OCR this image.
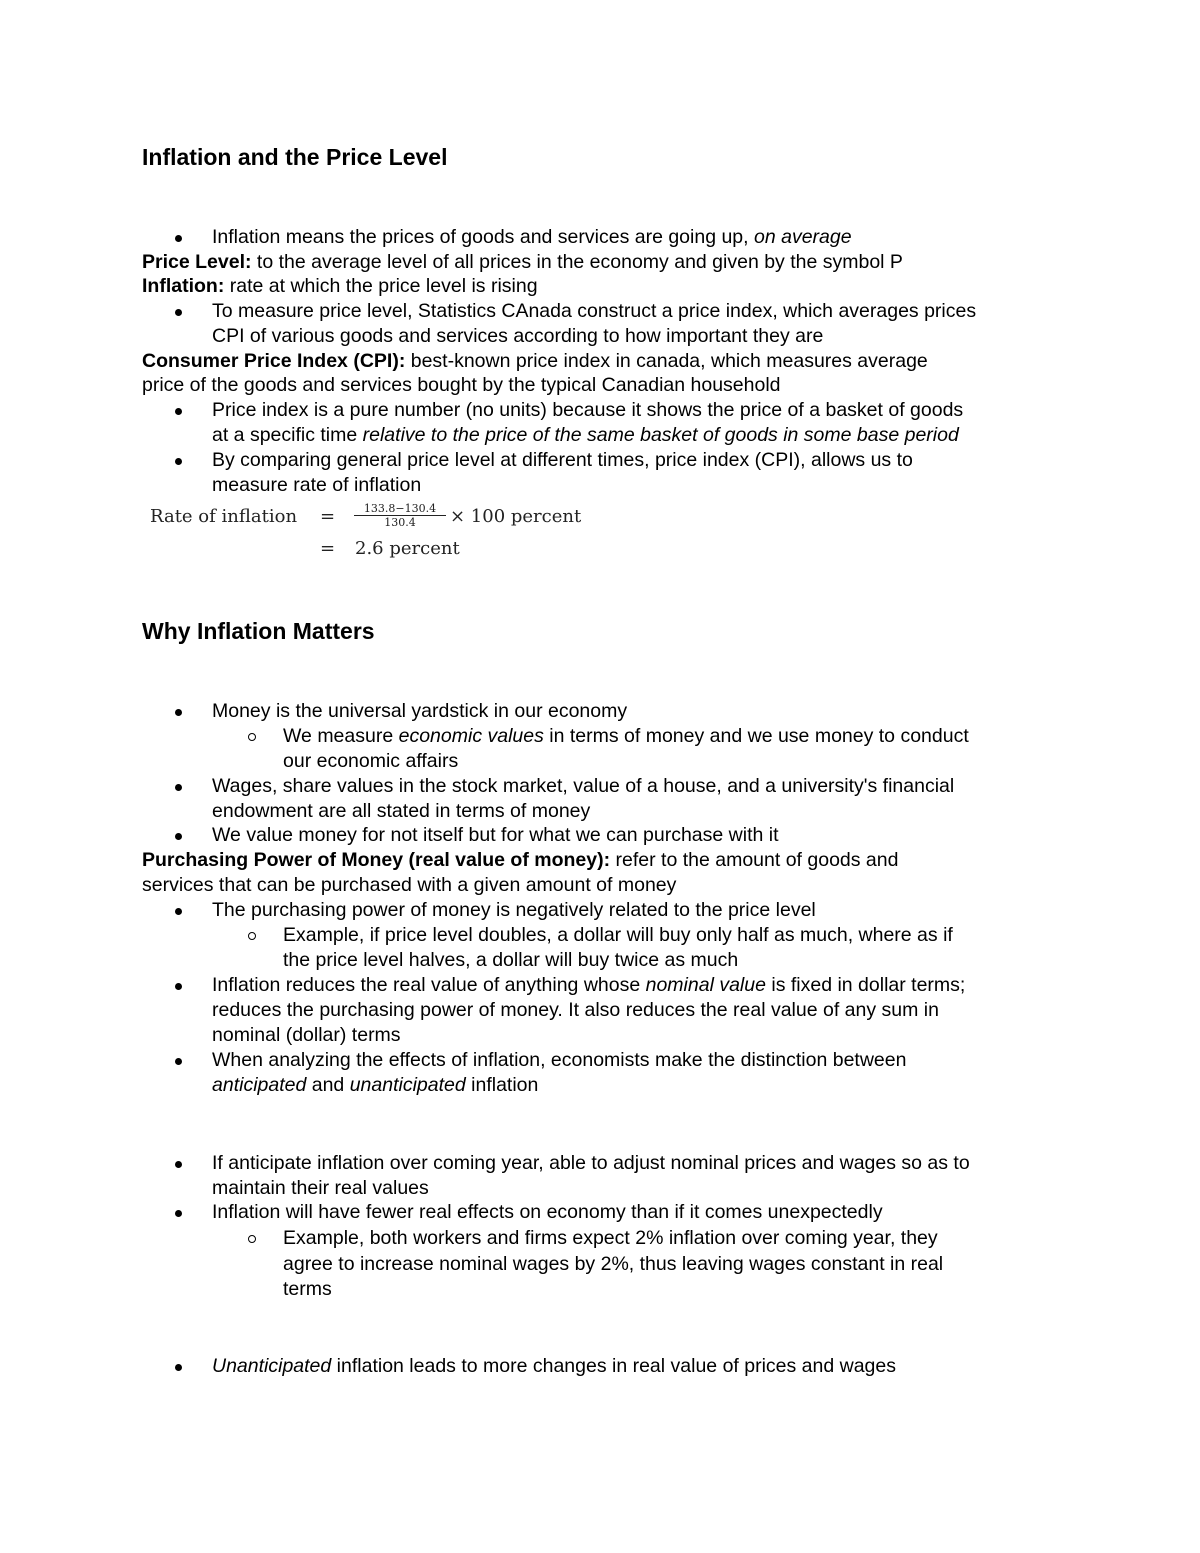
Inflation and the Price Level
Inflation means the prices of goods and services are going up, on average
Price Level: to the average level of all prices in the economy and given by the symbol P
Inflation: rate at which the price level is rising
To measure price level, Statistics CAnada construct a price index, which averages prices
CPI of various goods and services according to how important they are
Consumer Price Index (CPI): best-known price index in canada, which measures average
price of the goods and services bought by the typical Canadian household
Price index is a pure number (no units) because it shows the price of a basket of goods
at a specific time relative to the price of the same basket of goods in some base period
By comparing general price level at different times, price index (CPI), allows us to
measure rate of inflation
Rate of inflation = $\frac{133.8-130.4}{130.4} \times 100$ percent
= 2.6 percent
Why Inflation Matters
Money is the universal yardstick in our economy
We measure economic values in terms of money and we use money to conduct
our economic affairs
Wages, share values in the stock market, value of a house, and a university's financial
endowment are all stated in terms of money
We value money for not itself but for what we can purchase with it
Purchasing Power of Money (real value of money): refer to the amount of goods and
services that can be purchased with a given amount of money
The purchasing power of money is negatively related to the price level
Example, if price level doubles, a dollar will buy only half as much, where as if
the price level halves, a dollar will buy twice as much
Inflation reduces the real value of anything whose nominal value is fixed in dollar terms;
reduces the purchasing power of money. It also reduces the real value of any sum in
nominal (dollar) terms
When analyzing the effects of inflation, economists make the distinction between
anticipated and unanticipated inflation
If anticipate inflation over coming year, able to adjust nominal prices and wages so as to
maintain their real values
Inflation will have fewer real effects on economy than if it comes unexpectedly
Example, both workers and firms expect 2% inflation over coming year, they
agree to increase nominal wages by 2%, thus leaving wages constant in real
terms
Unanticipated inflation leads to more changes in real value of prices and wages
